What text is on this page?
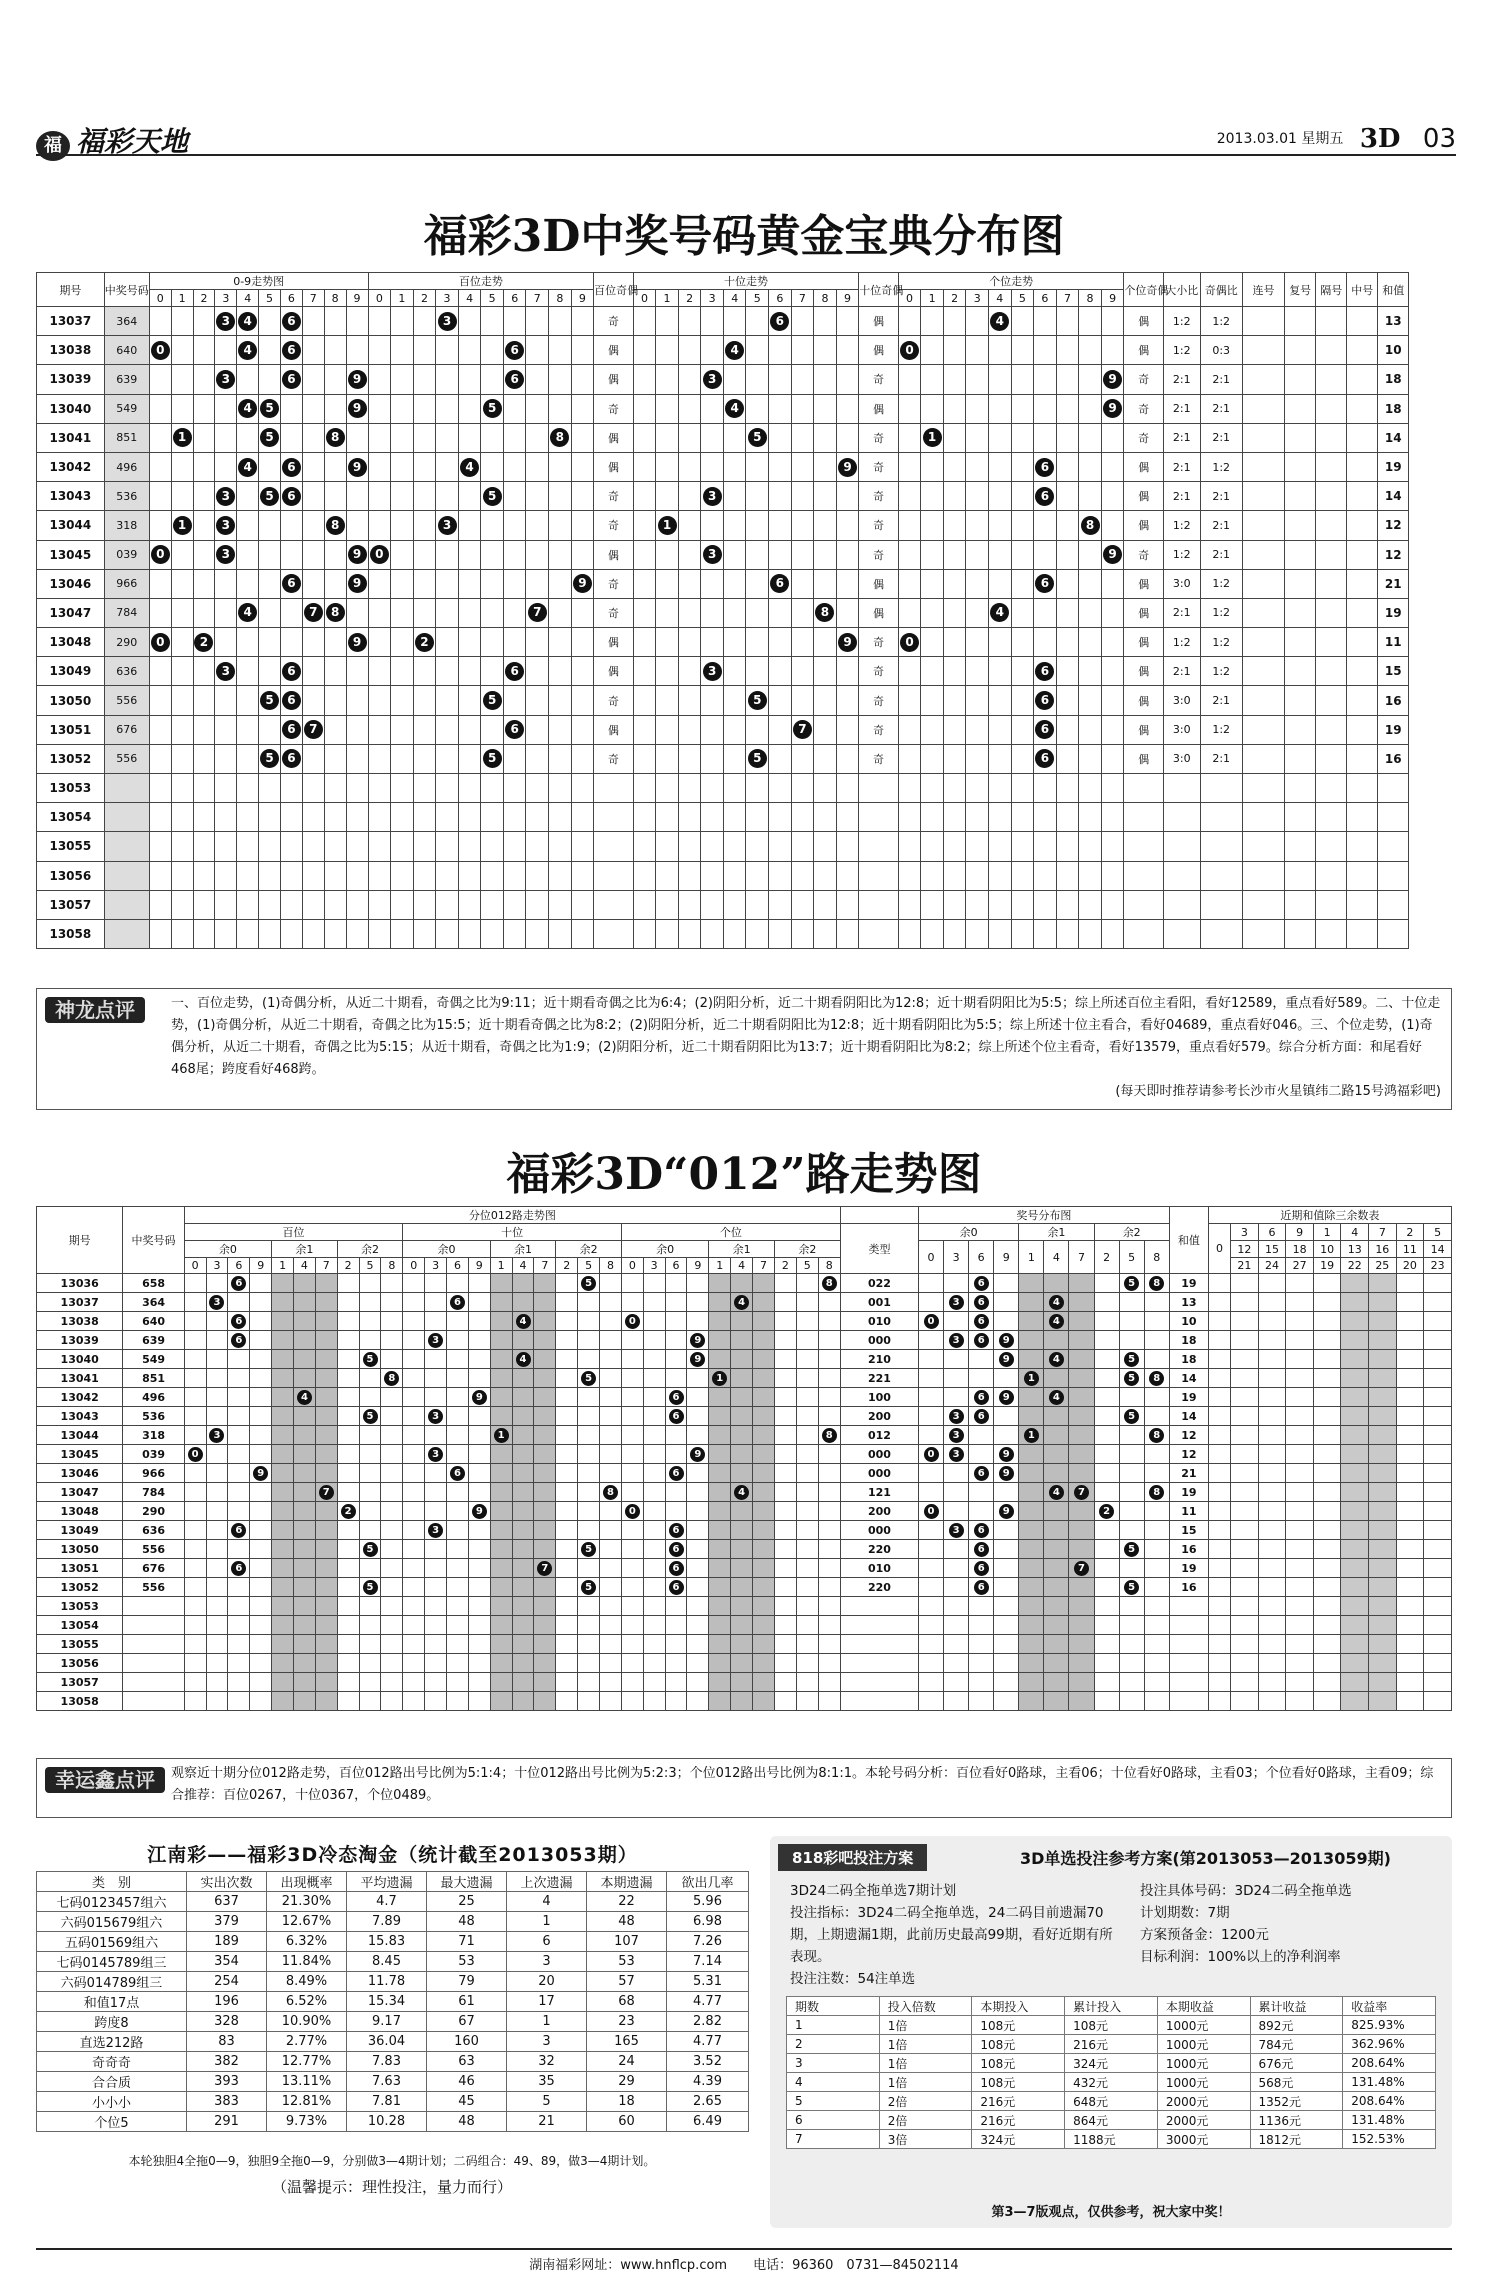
福 福彩天地	2013.03.01 星期五 3D 03
福彩3D中奖号码黄金宝典分布图
期号	中奖号码	0-9走势图										百位走势										百位奇偶	十位走势										十位奇偶	个位走势										个位奇偶	大小比	奇偶比	连号	复号	隔号	中号	和值
		0	1	2	3	4	5	6	7	8	9	0	1	2	3	4	5	6	7	8	9		0	1	2	3	4	5	6	7	8	9		0	1	2	3	4	5	6	7	8	9								
13037	364				3	4		6							3							奇							6				偶					4						偶	1:2	1:2					13
13038	640	0				4		6										6				偶					4						偶	0										偶	1:2	0:3					10
13039	639				3			6			9							6				偶				3							奇										9	奇	2:1	2:1					18
13040	549					4	5				9						5					奇					4						偶										9	奇	2:1	2:1					18
13041	851		1				5			8										8		偶						5					奇		1									奇	2:1	2:1					14
13042	496					4		6			9					4						偶										9	奇							6				偶	2:1	1:2					19
13043	536				3		5	6									5					奇				3							奇							6				偶	2:1	2:1					14
13044	318		1		3					8					3							奇		1									奇									8		偶	1:2	2:1					12
13045	039	0			3						9	0										偶				3							奇										9	奇	1:2	2:1					12
13046	966							6			9										9	奇							6				偶							6				偶	3:0	1:2					21
13047	784					4			7	8									7			奇									8		偶					4						偶	2:1	1:2					19
13048	290	0		2							9			2								偶										9	奇	0										偶	1:2	1:2					11
13049	636				3			6										6				偶				3							奇							6				偶	2:1	1:2					15
13050	556						5	6									5					奇						5					奇							6				偶	3:0	2:1					16
13051	676							6	7									6				偶								7			奇							6				偶	3:0	1:2					19
13052	556						5	6									5					奇						5					奇							6				偶	3:0	2:1					16
13053																																																			
13054																																																			
13055																																																			
13056																																																			
13057																																																			
13058																																																			
神龙点评	一、百位走势，(1)奇偶分析，从近二十期看，奇偶之比为9:11；近十期看奇偶之比为6:4；(2)阴阳分析，近二十期看阴阳比为12:8；近十期看阴阳比为5:5；综上所述百位主看阳，看好12589，重点看好589。二、十位走势，(1)奇偶分析，从近二十期看，奇偶之比为15:5；近十期看奇偶之比为8:2；(2)阴阳分析，近二十期看阴阳比为12:8；近十期看阴阳比为5:5；综上所述十位主看合，看好04689，重点看好046。三、个位走势，(1)奇偶分析，从近二十期看，奇偶之比为5:15；从近十期看，奇偶之比为1:9；(2)阴阳分析，近二十期看阴阳比为13:7；近十期看阴阳比为8:2；综上所述个位主看奇，看好13579，重点看好579。综合分析方面：和尾看好468尾；跨度看好468跨。
(每天即时推荐请参考长沙市火星镇纬二路15号鸿福彩吧)
福彩3D“012”路走势图
期号	中奖号码	分位012路走势图																															奖号分布图										和值	近期和值除三余数表								
		百位										十位										个位										类型	余0				余1			余2				0	3	6	9	1	4	7	2	5
		余0				余1			余2			余0				余1			余2			余0				余1			余2				0	3	6	9	1	4	7	2	5	8			12	15	18	10	13	16	11	14
		0	3	6	9	1	4	7	2	5	8	0	3	6	9	1	4	7	2	5	8	0	3	6	9	1	4	7	2	5	8														21	24	27	19	22	25	20	23
13036	658			6																5											8	022			6						5	8	19									
13037	364		3											6													4					001		3	6			4					13									
13038	640			6													4					0										010	0		6			4					10									
13039	639			6									3												9							000		3	6	9							18									
13040	549									5							4								9							210				9		4			5		18									
13041	851										8									5						1						221					1				5	8	14									
13042	496						4								9									6								100			6	9		4					19									
13043	536									5			3											6								200		3	6						5		14									
13044	318		3													1															8	012		3			1					8	12									
13045	039	0											3												9							000	0	3		9							12									
13046	966				9									6										6								000			6	9							21									
13047	784							7													8						4					121						4	7			8	19									
13048	290								2						9							0										200	0			9				2			11									
13049	636			6									3											6								000		3	6								15									
13050	556									5										5				6								220			6						5		16									
13051	676			6														7						6								010			6				7				19									
13052	556									5										5				6								220			6						5		16									
13053																																																				
13054																																																				
13055																																																				
13056																																																				
13057																																																				
13058																																																				
幸运鑫点评	观察近十期分位012路走势，百位012路出号比例为5:1:4；十位012路出号比例为5:2:3；个位012路出号比例为8:1:1。本轮号码分析：百位看好0路球，主看06；十位看好0路球，主看03；个位看好0路球，主看09；综合推荐：百位0267，十位0367，个位0489。
江南彩——福彩3D冷态淘金（统计截至2013053期）
类　别	实出次数	出现概率	平均遗漏	最大遗漏	上次遗漏	本期遗漏	欲出几率
七码0123457组六	637	21.30%	4.7	25	4	22	5.96
六码015679组六	379	12.67%	7.89	48	1	48	6.98
五码01569组六	189	6.32%	15.83	71	6	107	7.26
七码0145789组三	354	11.84%	8.45	53	3	53	7.14
六码014789组三	254	8.49%	11.78	79	20	57	5.31
和值17点	196	6.52%	15.34	61	17	68	4.77
跨度8	328	10.90%	9.17	67	1	23	2.82
直选212路	83	2.77%	36.04	160	3	165	4.77
奇奇奇	382	12.77%	7.83	63	32	24	3.52
合合质	393	13.11%	7.63	46	35	29	4.39
小小小	383	12.81%	7.81	45	5	18	2.65
个位5	291	9.73%	10.28	48	21	60	6.49
本轮独胆4全拖0—9，独胆9全拖0—9，分别做3—4期计划；二码组合：49、89，做3—4期计划。
（温馨提示：理性投注，量力而行）
818彩吧投注方案	3D单选投注参考方案(第2013053—2013059期)
3D24二码全拖单选7期计划
投注指标：3D24二码全拖单选，24二码目前遗漏70期，上期遗漏1期，此前历史最高99期，看好近期有所表现。
投注注数：54注单选
投注具体号码：3D24二码全拖单选
计划期数：7期
方案预备金：1200元
目标利润：100%以上的净利润率
期数	投入倍数	本期投入	累计投入	本期收益	累计收益	收益率
1	1倍	108元	108元	1000元	892元	825.93%
2	1倍	108元	216元	1000元	784元	362.96%
3	1倍	108元	324元	1000元	676元	208.64%
4	1倍	108元	432元	1000元	568元	131.48%
5	2倍	216元	648元	2000元	1352元	208.64%
6	2倍	216元	864元	2000元	1136元	131.48%
7	3倍	324元	1188元	3000元	1812元	152.53%
第3—7版观点，仅供参考，祝大家中奖！
湖南福彩网址：www.hnflcp.com　　电话：96360　0731—84502114
